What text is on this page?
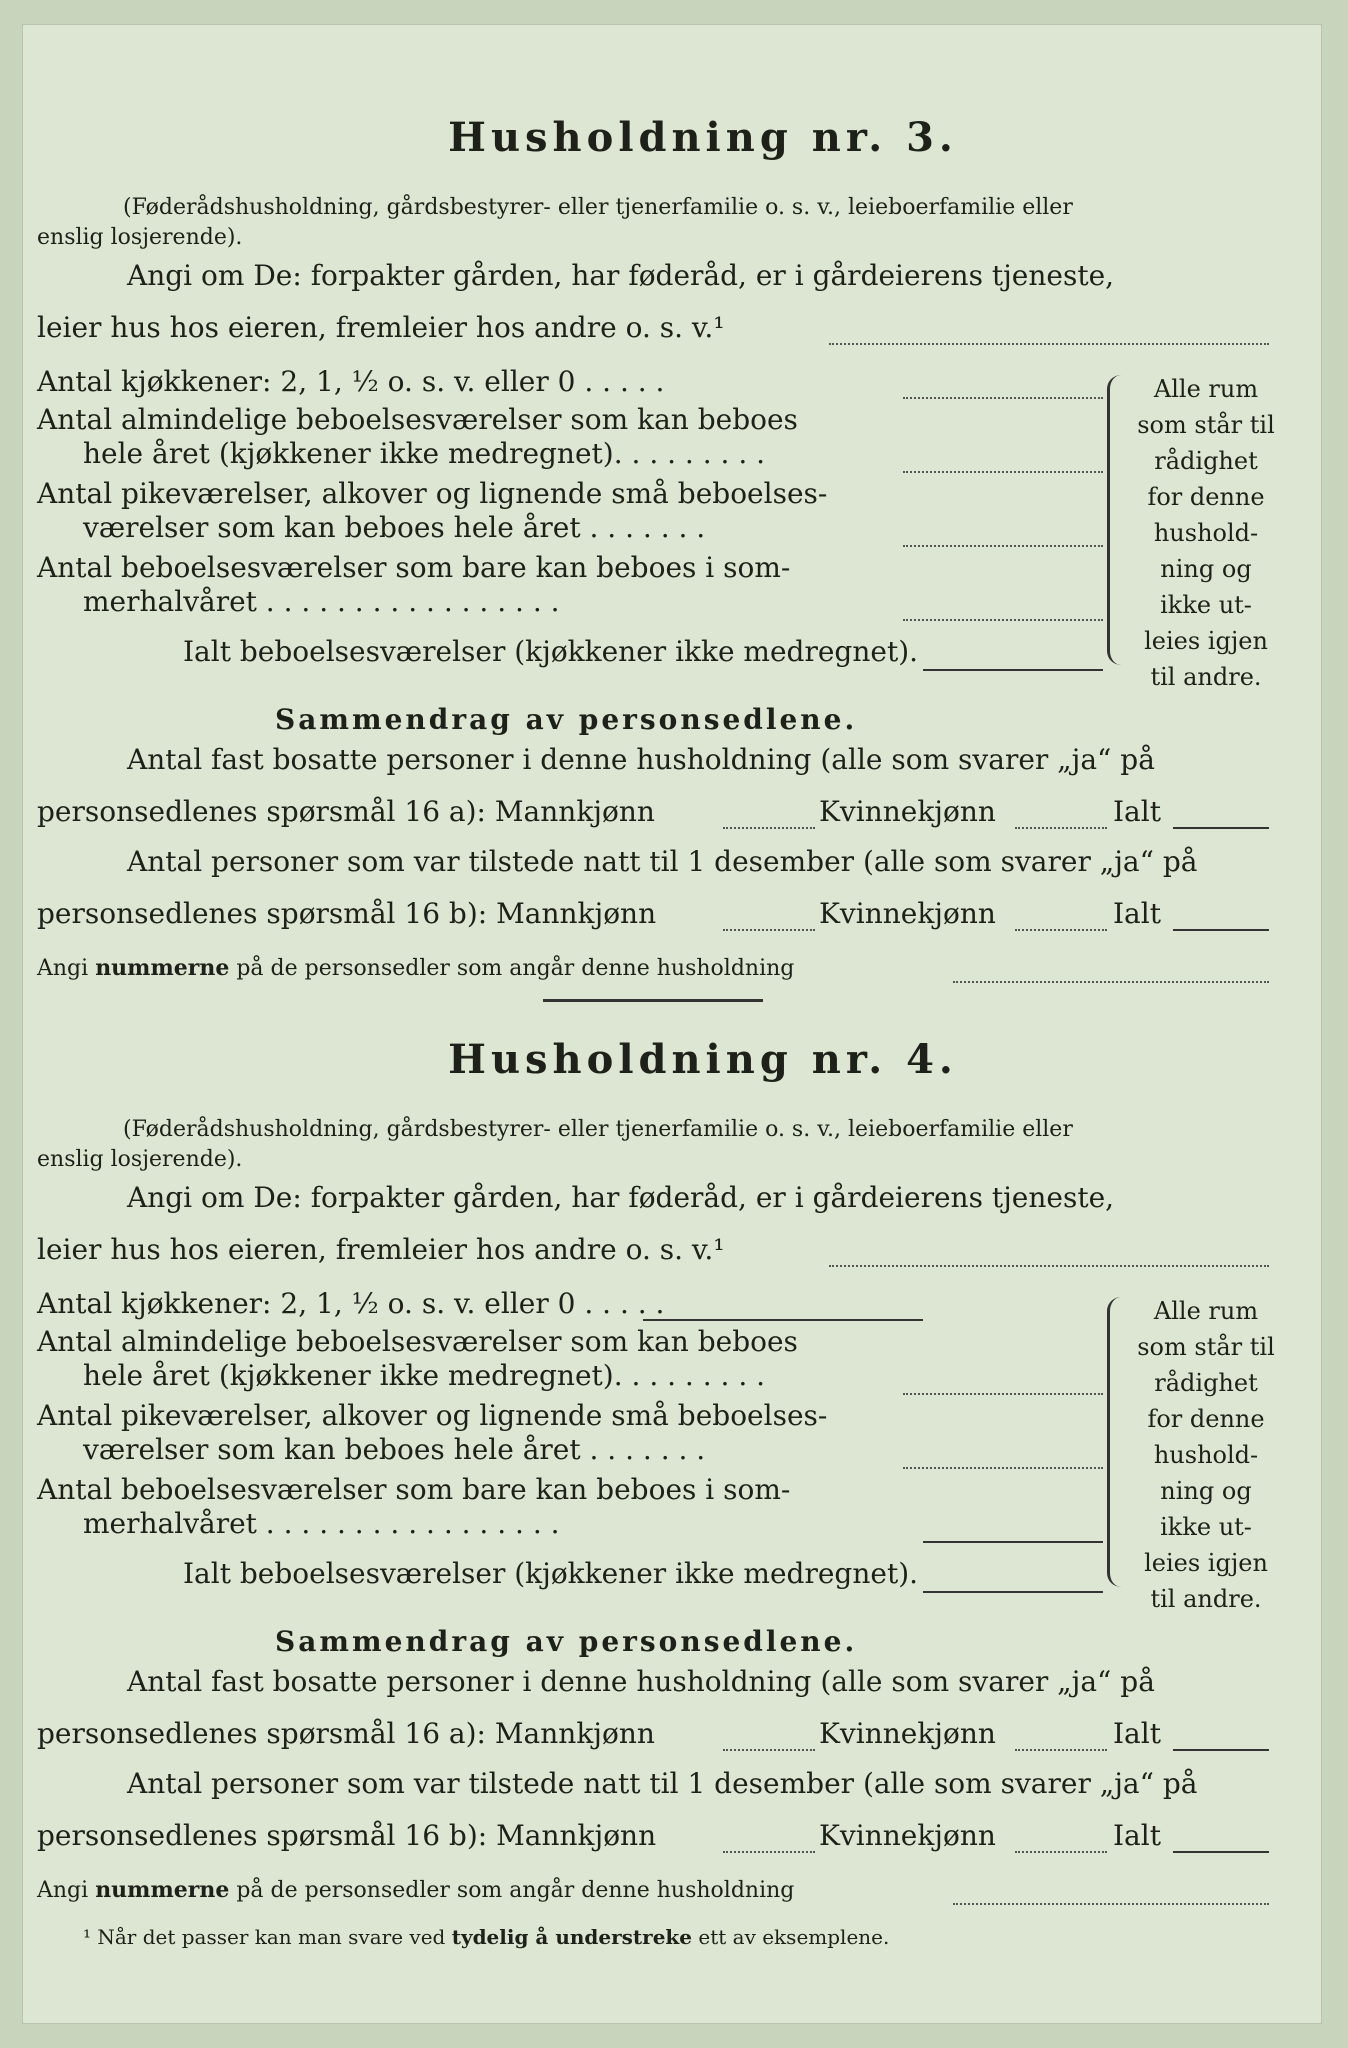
Husholdning nr. 3.
(Føderådshusholdning, gårdsbestyrer- eller tjenerfamilie o. s. v., leieboerfamilie eller
enslig losjerende).
Angi om De: forpakter gården, har føderåd, er i gårdeierens tjeneste,
leier hus hos eieren, fremleier hos andre o. s. v.¹
Antal kjøkkener: 2, 1, ½ o. s. v. eller 0 . . . . .
Antal almindelige beboelsesværelser som kan beboes
hele året (kjøkkener ikke medregnet). . . . . . . . .
Antal pikeværelser, alkover og lignende små beboelses-
værelser som kan beboes hele året . . . . . . .
Antal beboelsesværelser som bare kan beboes i som-
merhalvåret . . . . . . . . . . . . . . . . .
Ialt beboelsesværelser (kjøkkener ikke medregnet).
Alle rum
som står til
rådighet
for denne
hushold-
ning og
ikke ut-
leies igjen
til andre.
Sammendrag av personsedlene.
Antal fast bosatte personer i denne husholdning (alle som svarer „ja“ på
personsedlenes spørsmål 16 a): Mannkjønn	Kvinnekjønn	Ialt
Antal personer som var tilstede natt til 1 desember (alle som svarer „ja“ på
personsedlenes spørsmål 16 b): Mannkjønn	Kvinnekjønn	Ialt
Angi nummerne på de personsedler som angår denne husholdning
Husholdning nr. 4.
(Føderådshusholdning, gårdsbestyrer- eller tjenerfamilie o. s. v., leieboerfamilie eller
enslig losjerende).
Angi om De: forpakter gården, har føderåd, er i gårdeierens tjeneste,
leier hus hos eieren, fremleier hos andre o. s. v.¹
Antal kjøkkener: 2, 1, ½ o. s. v. eller 0 . . . . .
Antal almindelige beboelsesværelser som kan beboes
hele året (kjøkkener ikke medregnet). . . . . . . . .
Antal pikeværelser, alkover og lignende små beboelses-
værelser som kan beboes hele året . . . . . . .
Antal beboelsesværelser som bare kan beboes i som-
merhalvåret . . . . . . . . . . . . . . . . .
Ialt beboelsesværelser (kjøkkener ikke medregnet).
Alle rum
som står til
rådighet
for denne
hushold-
ning og
ikke ut-
leies igjen
til andre.
Sammendrag av personsedlene.
Antal fast bosatte personer i denne husholdning (alle som svarer „ja“ på
personsedlenes spørsmål 16 a): Mannkjønn	Kvinnekjønn	Ialt
Antal personer som var tilstede natt til 1 desember (alle som svarer „ja“ på
personsedlenes spørsmål 16 b): Mannkjønn	Kvinnekjønn	Ialt
Angi nummerne på de personsedler som angår denne husholdning
¹ Når det passer kan man svare ved tydelig å understreke ett av eksemplene.
